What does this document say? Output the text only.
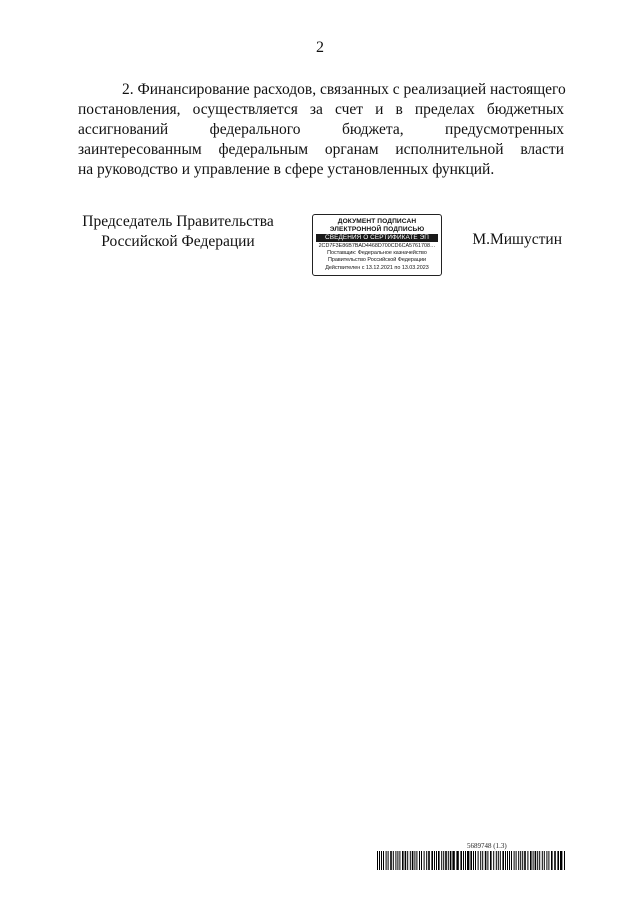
2
2. Финансирование расходов, связанных с реализацией настоящего
постановления, осуществляется за счет и в пределах бюджетных
ассигнований федерального бюджета, предусмотренных
заинтересованным федеральным органам исполнительной власти
на руководство и управление в сфере установленных функций.
Председатель Правительства
Российской Федерации
ДОКУМЕНТ ПОДПИСАН
ЭЛЕКТРОННОЙ ПОДПИСЬЮ
СВЕДЕНИЯ О СЕРТИФИКАТЕ ЭП
2CD7F3E86B7BAD4468D700CD6CA5761708…
Поставщик: Федеральное казначейство
Правительство Российской Федерации
Действителен с 13.12.2021 по 13.03.2023
М.Мишустин
5689748 (1.3)
